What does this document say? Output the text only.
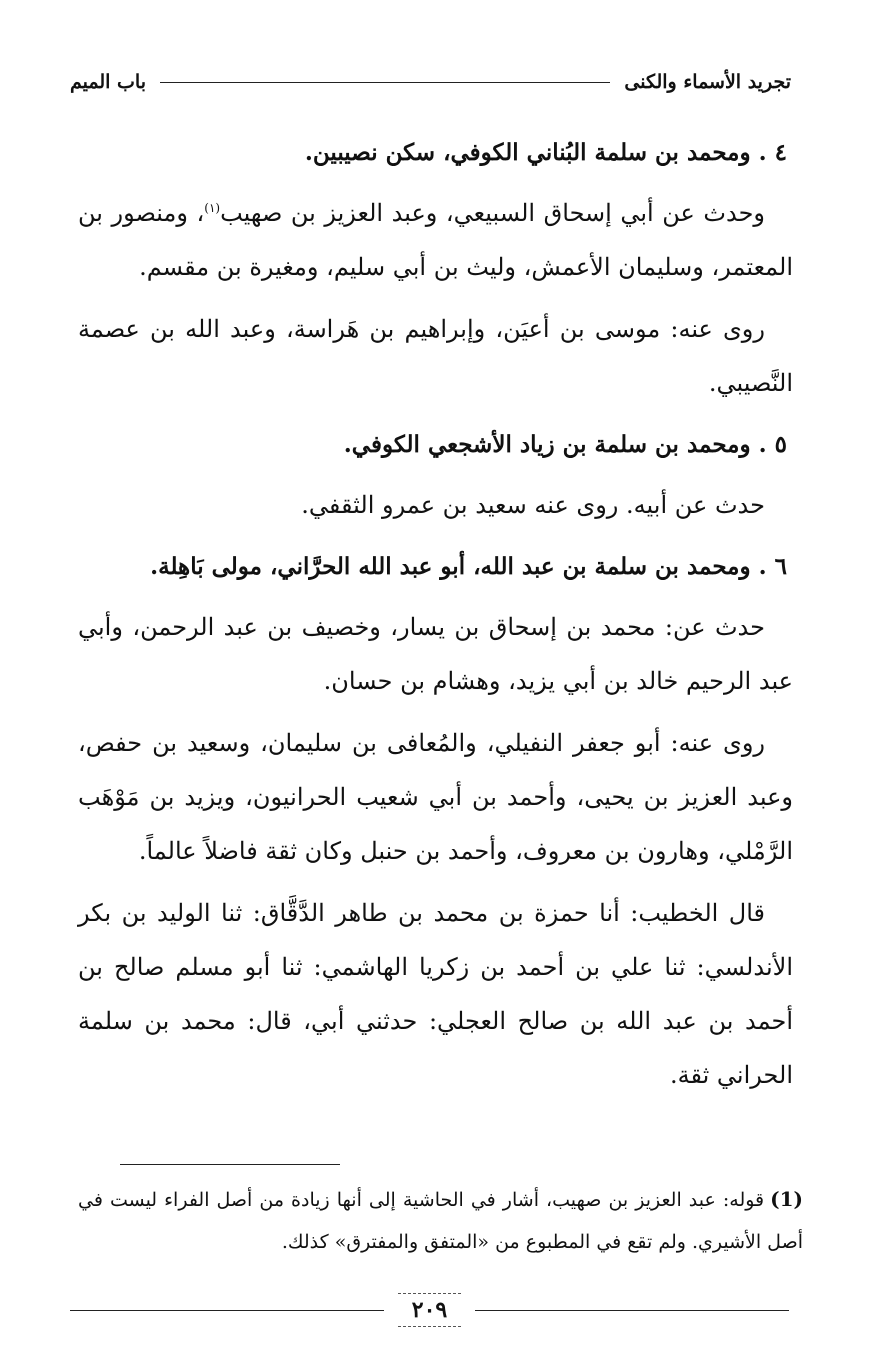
تجريد الأسماء والكنى
باب الميم
٤ . ومحمد بن سلمة البُناني الكوفي، سكن نصيبين.

وحدث عن أبي إسحاق السبيعي، وعبد العزيز بن صهيب$^{(١)}$، ومنصور بن المعتمر، وسليمان الأعمش، وليث بن أبي سليم، ومغيرة بن مقسم.

روى عنه: موسى بن أعيَن، وإبراهيم بن هَراسة، وعبد الله بن عصمة النَّصيبي.

٥ . ومحمد بن سلمة بن زياد الأشجعي الكوفي.

حدث عن أبيه. روى عنه سعيد بن عمرو الثقفي.

٦ . ومحمد بن سلمة بن عبد الله، أبو عبد الله الحرَّاني، مولى بَاهِلة.

حدث عن: محمد بن إسحاق بن يسار، وخصيف بن عبد الرحمن، وأبي عبد الرحيم خالد بن أبي يزيد، وهشام بن حسان.

روى عنه: أبو جعفر النفيلي، والمُعافى بن سليمان، وسعيد بن حفص، وعبد العزيز بن يحيى، وأحمد بن أبي شعيب الحرانيون، ويزيد بن مَوْهَب الرَّمْلي، وهارون بن معروف، وأحمد بن حنبل وكان ثقة فاضلاً عالماً.

قال الخطيب: أنا حمزة بن محمد بن طاهر الدَّقَّاق: ثنا الوليد بن بكر الأندلسي: ثنا علي بن أحمد بن زكريا الهاشمي: ثنا أبو مسلم صالح بن أحمد بن عبد الله بن صالح العجلي: حدثني أبي، قال: محمد بن سلمة الحراني ثقة.

(1)قوله: عبد العزيز بن صهيب، أشار في الحاشية إلى أنها زيادة من أصل الفراء ليست في أصل الأشيري. ولم تقع في المطبوع من «المتفق والمفترق» كذلك.
٢٠٩
